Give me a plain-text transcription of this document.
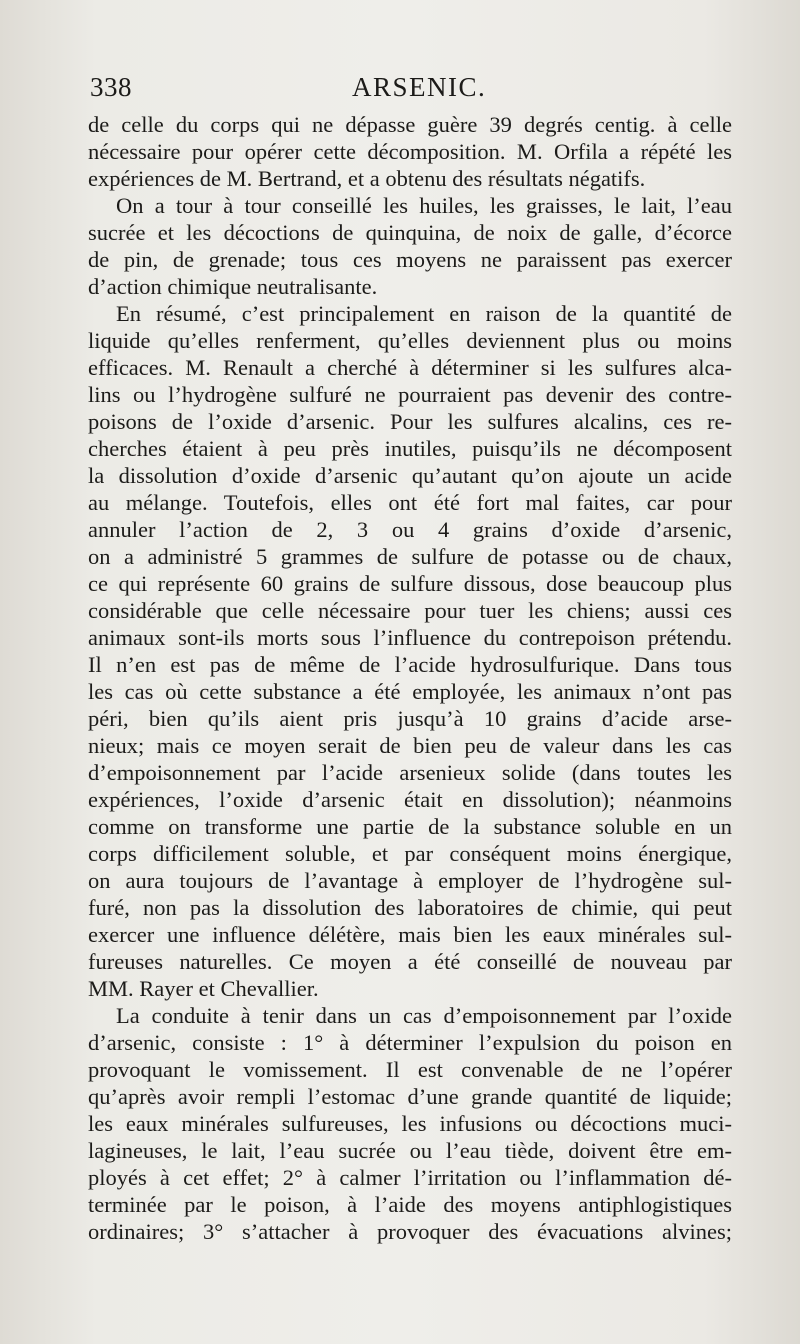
338	ARSENIC.
de celle du corps qui ne dépasse guère 39 degrés centig. à celle
nécessaire pour opérer cette décomposition. M. Orfila a répété les
expériences de M. Bertrand, et a obtenu des résultats négatifs.
On a tour à tour conseillé les huiles, les graisses, le lait, l’eau
sucrée et les décoctions de quinquina, de noix de galle, d’écorce
de pin, de grenade; tous ces moyens ne paraissent pas exercer
d’action chimique neutralisante.
En résumé, c’est principalement en raison de la quantité de
liquide qu’elles renferment, qu’elles deviennent plus ou moins
efficaces. M. Renault a cherché à déterminer si les sulfures alca-
lins ou l’hydrogène sulfuré ne pourraient pas devenir des contre-
poisons de l’oxide d’arsenic. Pour les sulfures alcalins, ces re-
cherches étaient à peu près inutiles, puisqu’ils ne décomposent
la dissolution d’oxide d’arsenic qu’autant qu’on ajoute un acide
au mélange. Toutefois, elles ont été fort mal faites, car pour
annuler l’action de 2, 3 ou 4 grains d’oxide d’arsenic,
on a administré 5 grammes de sulfure de potasse ou de chaux,
ce qui représente 60 grains de sulfure dissous, dose beaucoup plus
considérable que celle nécessaire pour tuer les chiens; aussi ces
animaux sont-ils morts sous l’influence du contrepoison prétendu.
Il n’en est pas de même de l’acide hydrosulfurique. Dans tous
les cas où cette substance a été employée, les animaux n’ont pas
péri, bien qu’ils aient pris jusqu’à 10 grains d’acide arse-
nieux; mais ce moyen serait de bien peu de valeur dans les cas
d’empoisonnement par l’acide arsenieux solide (dans toutes les
expériences, l’oxide d’arsenic était en dissolution); néanmoins
comme on transforme une partie de la substance soluble en un
corps difficilement soluble, et par conséquent moins énergique,
on aura toujours de l’avantage à employer de l’hydrogène sul-
furé, non pas la dissolution des laboratoires de chimie, qui peut
exercer une influence délétère, mais bien les eaux minérales sul-
fureuses naturelles. Ce moyen a été conseillé de nouveau par
MM. Rayer et Chevallier.
La conduite à tenir dans un cas d’empoisonnement par l’oxide
d’arsenic, consiste : 1° à déterminer l’expulsion du poison en
provoquant le vomissement. Il est convenable de ne l’opérer
qu’après avoir rempli l’estomac d’une grande quantité de liquide;
les eaux minérales sulfureuses, les infusions ou décoctions muci-
lagineuses, le lait, l’eau sucrée ou l’eau tiède, doivent être em-
ployés à cet effet; 2° à calmer l’irritation ou l’inflammation dé-
terminée par le poison, à l’aide des moyens antiphlogistiques
ordinaires; 3° s’attacher à provoquer des évacuations alvines;
